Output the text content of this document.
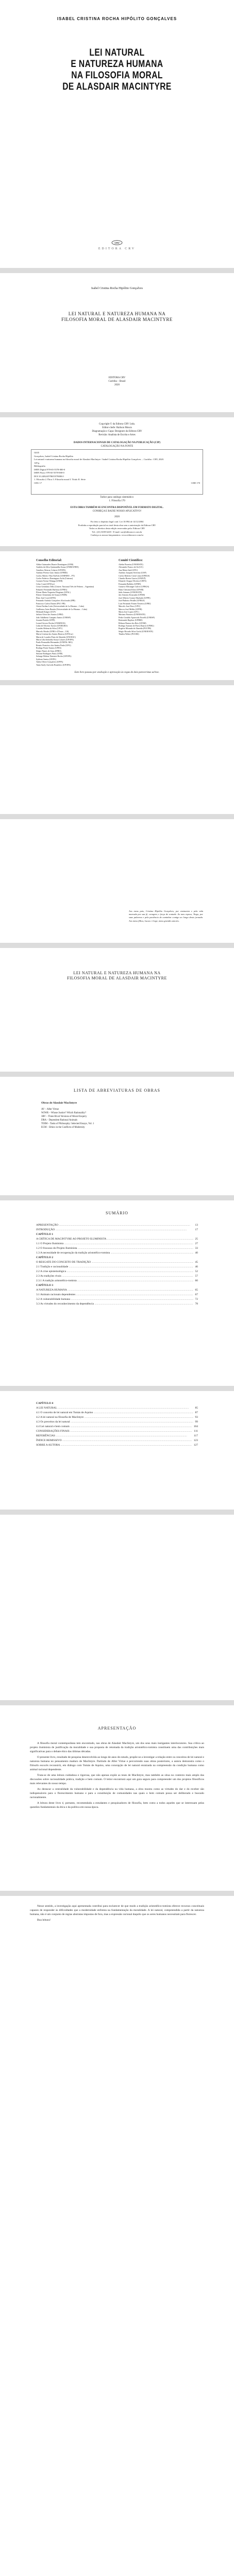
ISABEL CRISTINA ROCHA HIPÓLITO GONÇALVES
LEI NATURAL
E NATUREZA HUMANA
NA FILOSOFIA MORAL
DE ALASDAIR MACINTYRE
CRV
EDITORA CRV
Isabel Cristina Rocha Hipólito Gonçalves
LEI NATURAL E NATUREZA HUMANA NA FILOSOFIA MORAL DE ALASDAIR MACINTYRE
EDITORA CRV
Curitiba – Brasil
2020
Copyright © da Editora CRV Ltda.
Editor-chefe: Railson Moura
Diagramação e Capa: Designers da Editora CRV
Revisão: Analista de Escrita e Artes
DADOS INTERNACIONAIS DE CATALOGAÇÃO NA PUBLICAÇÃO (CIP)
CATALOGAÇÃO NA FONTE
G635
Gonçalves, Isabel Cristina Rocha Hipólito
Lei natural e natureza humana na filosofia moral de Alasdair MacIntyre / Isabel Cristina Rocha Hipólito Gonçalves. – Curitiba : CRV, 2020.
128 p.
Bibliografia
ISBN Digital 978-65-5578-000-0
ISBN Físico 978-65-5578-000-0
DOI 10.24824/978655578000.0
1. Filosofia 2. Ética 3. Filosofia moral I. Título II. Série
CDU 17	CDD 170
Índice para catálogo sistemático
1. Filosofia 170
ESTA OBRA TAMBÉM SE ENCONTRA DISPONÍVEL EM FORMATO DIGITAL.
CONHEÇA E BAIXE NOSSO APLICATIVO!
2020
Foi feito o depósito legal conf. Lei 10.994 de 14/12/2004
Proibida a reprodução parcial ou total desta obra sem a autorização da Editora CRV
Todos os direitos desta edição reservados pela: Editora CRV
Tel.: (41) 3039-6418 - E-mail: sac@editoracrv.com.br
Conheça os nossos lançamentos: www.editoracrv.com.br
Conselho Editorial:
Aldira Guimarães Duarte Domínguez (UNB)
Andréia da Silva Quintanilha Sousa (UNIR/UFRN)
Anselmo Alencar Colares (UFOPA)
Antônio Pereira Gaio Júnior (UFRRJ)
Carlos Alberto Vilar Estêvão (UMINHO – PT)
Carlos Federico Dominguez Avila (Unieuro)
Carmen Tereza Velanga (UNIR)
Celso Conti (UFSCar)
Cesar Gerónimo Tello (Univer. Nacional Três de Febrero – Argentina)
Eduardo Fernandes Barbosa (UFMG)
Elione Maria Nogueira Diogenes (UFAL)
Elizeu Clementino de Souza (UNEB)
Élsio José Corá (UFFS)
Fernando Antônio Gonçalves Alcoforado (IPB)
Francisco Carlos Duarte (PUC-PR)
Gloria Fariñas León (Universidade de La Havana – Cuba)
Guillermo Arias Beatón (Universidade de La Havana – Cuba)
Helmuth Krüger (UCP)
Jailson Alves dos Santos (UFRJ)
João Adalberto Campato Junior (UNESP)
Josania Portela (UFPI)
Leonel Severo Rocha (UNISINOS)
Lídia de Oliveira Xavier (UNIEURO)
Lourdes Helena da Silva (UFV)
Marcelo Paixão (UFRJ e UTexas – US)
Maria Cristina dos Santos Bezerra (UFSCar)
Maria de Lourdes Pinto de Almeida (UNOESC)
Maria Lília Imbiriba Sousa Colares (UFOPA)
Paulo Romualdo Hernandes (UNIFAL-MG)
Renato Francisco dos Santos Paula (UFG)
Rodrigo Pratte-Santos (UFES)
Sérgio Nunes de Jesus (IFRO)
Simone Rodrigues Pinto (UNB)
Solange Helena Ximenes-Rocha (UFOPA)
Sydione Santos (UEPG)
Tadeu Oliver Gonçalves (UFPA)
Tania Suely Azevedo Brasileiro (UFOPA)
Comitê Científico:
Adelar Pizzetta (UNIOESTE)
Alexandre Franco de Sá (UC)
Ana Maria Said (UFU)
Antônio Joaquim Severino (USP)
Carlos Roberto Cirne Lima (UFRGS)
Claudio Boeira Garcia (UNIJUÍ)
Eduardo Chagas Oliveira (UEFS)
Fernanda Bulhões (UFRN)
Gustavo Ellwanger Calovi (UFRGS)
Hans Christian Klotz (UFSM)
Jadir Antunes (UNIOESTE)
Jair Antonio Krassuski (UFSM)
José Alberto Gomes Machado (UFPE)
José Pinheiro Pertille (UFRGS)
Luiz Fernando Fontes-Teixeira (UFRJ)
Marcelo Jose Doro (UFU)
Marcos José Müller (UFPR)
Maria José Lopes (UFC)
Mariano Patriarca (UNIOESTE)
Pedro Geraldo Aparecido Novelli (UNESP)
Raimundo Rajobac (UFRRJ)
Róbson Ramos dos Reis (UFSM)
Rodrigo Antonio de Paiva Duarte (UFMG)
Rogério Miranda de Almeida (PUCPR)
Sérgio Ricardo Silva Gacki (UNIOESTE)
Thadeu Weber (PUCRS)
Este livro passou por avaliação e aprovação às cegas de dois pareceristas ad hoc.
Aos meus pais, Cristina Hipólito Gonçalves, por ensinarem e pela vida marcada por sua fé, coragem, e força de vontade. Ao meu esposo, Tiago, por suas palavras e pela paciência de caminhar comigo ao longo desta jornada. Aos meus filhos, Lucas e Jorge, meus grandes amores.
LEI NATURAL E NATUREZA HUMANA NA FILOSOFIA MORAL DE ALASDAIR MACINTYRE
LISTA DE ABREVIATURAS DE OBRAS
Obras de Alasdair MacIntyre
AV – After Virtue
WJWR – Whose Justice? Which Rationality?
3RV – Three Rival Versions of Moral Enquiry
DRA – Dependent Rational Animals
TOIM – Tasks of Philosophy: Selected Essays, Vol. 1
ECM – Ethics in the Conflicts of Modernity
SUMÁRIO
APRESENTAÇÃO .....	13
INTRODUÇÃO .....	17
CAPÍTULO 1
A CRÍTICA DE MACINTYRE AO PROJETO ILUMINISTA .....	25
1.1 O Projeto Iluminista .....	27
1.2 O fracasso do Projeto Iluminista .....	33
1.3 A necessidade de recuperação da tradição aristotélico-tomista .....	40
CAPÍTULO 2
O RESGATE DO CONCEITO DE TRADIÇÃO .....	45
2.1 Tradição e racionalidade .....	46
2.2 A crise epistemológica .....	52
2.3 As tradições rivais .....	57
2.3.1 A tradição aristotélico-tomista .....	60
CAPÍTULO 3
A NATUREZA HUMANA .....	65
3.1 Animais racionais dependentes .....	67
3.2 A vulnerabilidade humana .....	72
3.3 As virtudes do reconhecimento da dependência .....	78
CAPÍTULO 4
A LEI NATURAL .....	85
4.1 O conceito de lei natural em Tomás de Aquino .....	87
4.2 A lei natural na filosofia de MacIntyre .....	93
4.3 Os preceitos da lei natural .....	99
4.4 Lei natural e bem comum .....	104
CONSIDERAÇÕES FINAIS .....	111
REFERÊNCIAS .....	117
ÍNDICE REMISSIVO .....	123
SOBRE A AUTORA .....	127
APRESENTAÇÃO

A filosofia moral contemporânea tem encontrado, nas obras de Alasdair MacIntyre, um dos seus mais instigantes interlocutores. Sua crítica ao projeto iluminista de justificação da moralidade e sua proposta de retomada da tradição aristotélico-tomista constituem uma das contribuições mais significativas para o debate ético das últimas décadas.

O presente livro, resultado de pesquisa desenvolvida ao longo de anos de estudo, propõe-se a investigar a relação entre os conceitos de lei natural e natureza humana no pensamento maduro de MacIntyre. Partindo de After Virtue e percorrendo suas obras posteriores, a autora demonstra como o filósofo escocês reconstrói, em diálogo com Tomás de Aquino, uma concepção de lei natural enraizada na compreensão da condição humana como animal racional dependente.

Trata-se de uma leitura cuidadosa e rigorosa, que não apenas expõe as teses de MacIntyre, mas também as situa no contexto mais amplo das discussões sobre racionalidade prática, tradição e bem comum. O leitor encontrará aqui um guia seguro para compreender um dos projetos filosóficos mais relevantes do nosso tempo.

Ao destacar a centralidade da vulnerabilidade e da dependência na vida humana, a obra mostra como as virtudes do dar e do receber são indispensáveis para o florescimento humano e para a constituição de comunidades nas quais o bem comum possa ser deliberado e buscado racionalmente.

A leitura deste livro é, portanto, recomendada a estudantes e pesquisadores de filosofia, bem como a todos aqueles que se interessam pelas questões fundamentais da ética e da política em nossa época.

Nesse sentido, a investigação aqui apresentada contribui para esclarecer de que modo a tradição aristotélico-tomista oferece recursos conceituais capazes de responder às dificuldades que a modernidade enfrenta na fundamentação da moralidade. A lei natural, compreendida a partir da natureza humana, não é um conjunto de regras abstratas impostas de fora, mas a expressão racional daquilo que os seres humanos necessitam para florescer.

Boa leitura!
